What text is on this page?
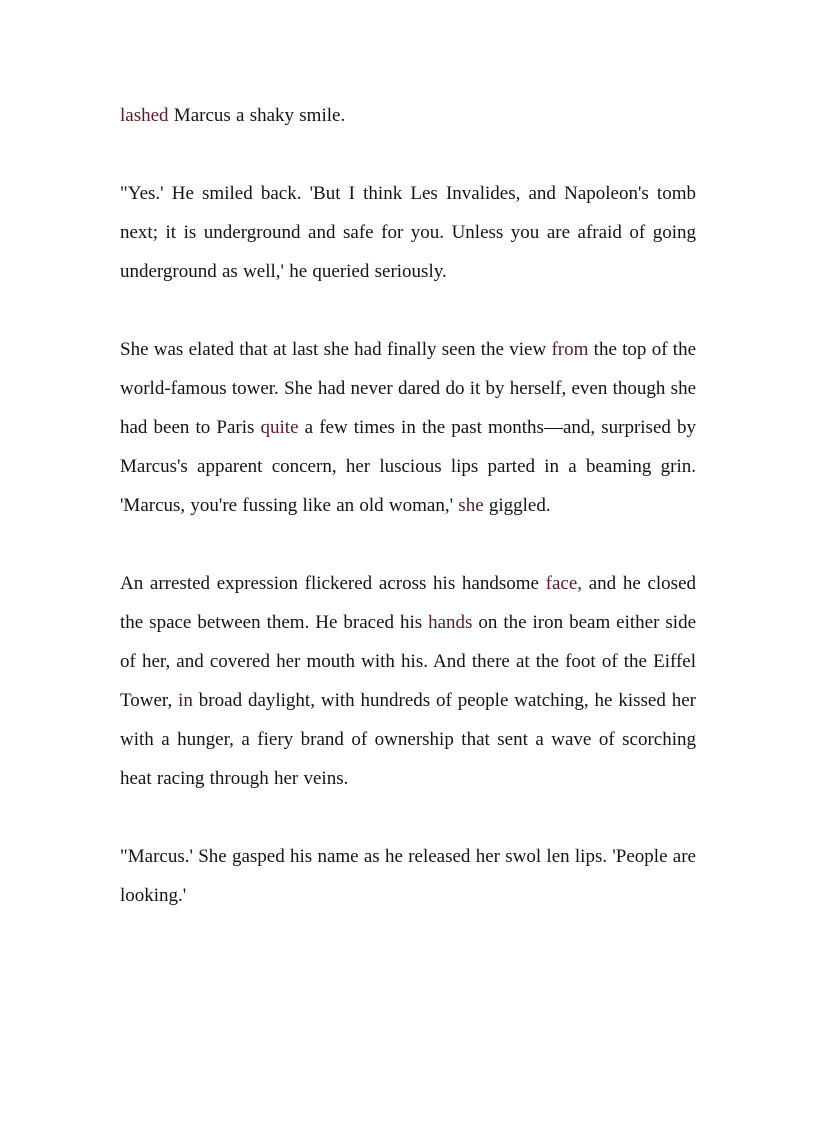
lashed Marcus a shaky smile.

"Yes.' He smiled back. 'But I think Les Invalides, and Napoleon's tomb next; it is underground and safe for you. Unless you are afraid of going underground as well,' he queried seriously.

She was elated that at last she had finally seen the view from the top of the world-famous tower. She had never dared do it by herself, even though she had been to Paris quite a few times in the past months—and, surprised by Marcus's apparent concern, her luscious lips parted in a beaming grin. 'Marcus, you're fussing like an old woman,' she giggled.

An arrested expression flickered across his handsome face, and he closed the space between them. He braced his hands on the iron beam either side of her, and covered her mouth with his. And there at the foot of the Eiffel Tower, in broad daylight, with hundreds of people watching, he kissed her with a hunger, a fiery brand of ownership that sent a wave of scorching heat racing through her veins.

"Marcus.' She gasped his name as he released her swol len lips. 'People are looking.'
